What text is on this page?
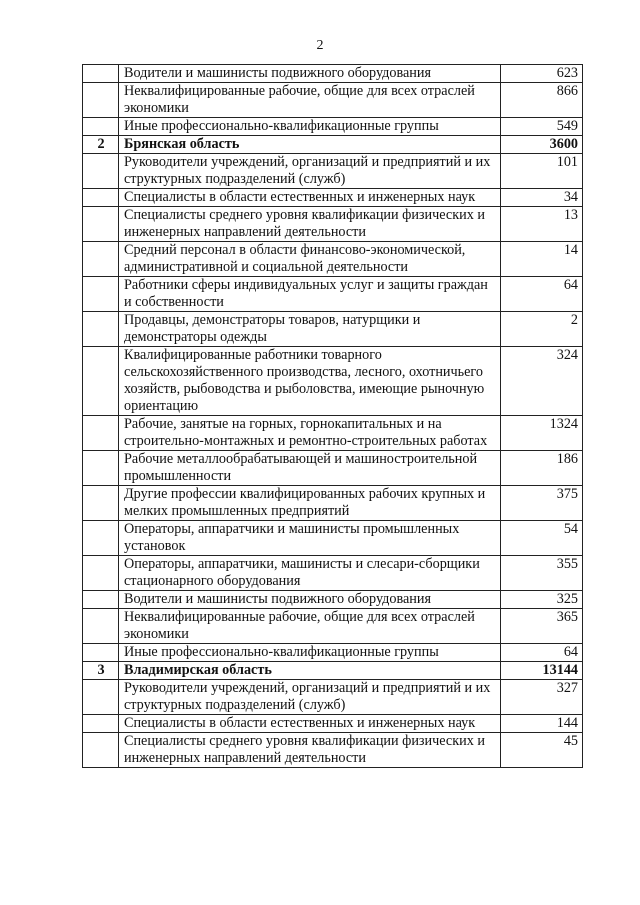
2
	Водители и машинисты подвижного оборудования	623
	Неквалифицированные рабочие, общие для всех отраслей экономики	866
	Иные профессионально-квалификационные группы	549
2	Брянская область	3600
	Руководители учреждений, организаций и предприятий и их структурных подразделений (служб)	101
	Специалисты в области естественных и инженерных наук	34
	Специалисты среднего уровня квалификации физических и инженерных направлений деятельности	13
	Средний персонал в области финансово-экономической, административной и социальной деятельности	14
	Работники сферы индивидуальных услуг и защиты граждан и собственности	64
	Продавцы, демонстраторы товаров, натурщики и демонстраторы одежды	2
	Квалифицированные работники товарного сельскохозяйственного производства, лесного, охотничьего хозяйств, рыбоводства и рыболовства, имеющие рыночную ориентацию	324
	Рабочие, занятые на горных, горнокапитальных и на строительно-монтажных и ремонтно-строительных работах	1324
	Рабочие металлообрабатывающей и машиностроительной промышленности	186
	Другие профессии квалифицированных рабочих крупных и мелких промышленных предприятий	375
	Операторы, аппаратчики и машинисты промышленных установок	54
	Операторы, аппаратчики, машинисты и слесари-сборщики стационарного оборудования	355
	Водители и машинисты подвижного оборудования	325
	Неквалифицированные рабочие, общие для всех отраслей экономики	365
	Иные профессионально-квалификационные группы	64
3	Владимирская область	13144
	Руководители учреждений, организаций и предприятий и их структурных подразделений (служб)	327
	Специалисты в области естественных и инженерных наук	144
	Специалисты среднего уровня квалификации физических и инженерных направлений деятельности	45
